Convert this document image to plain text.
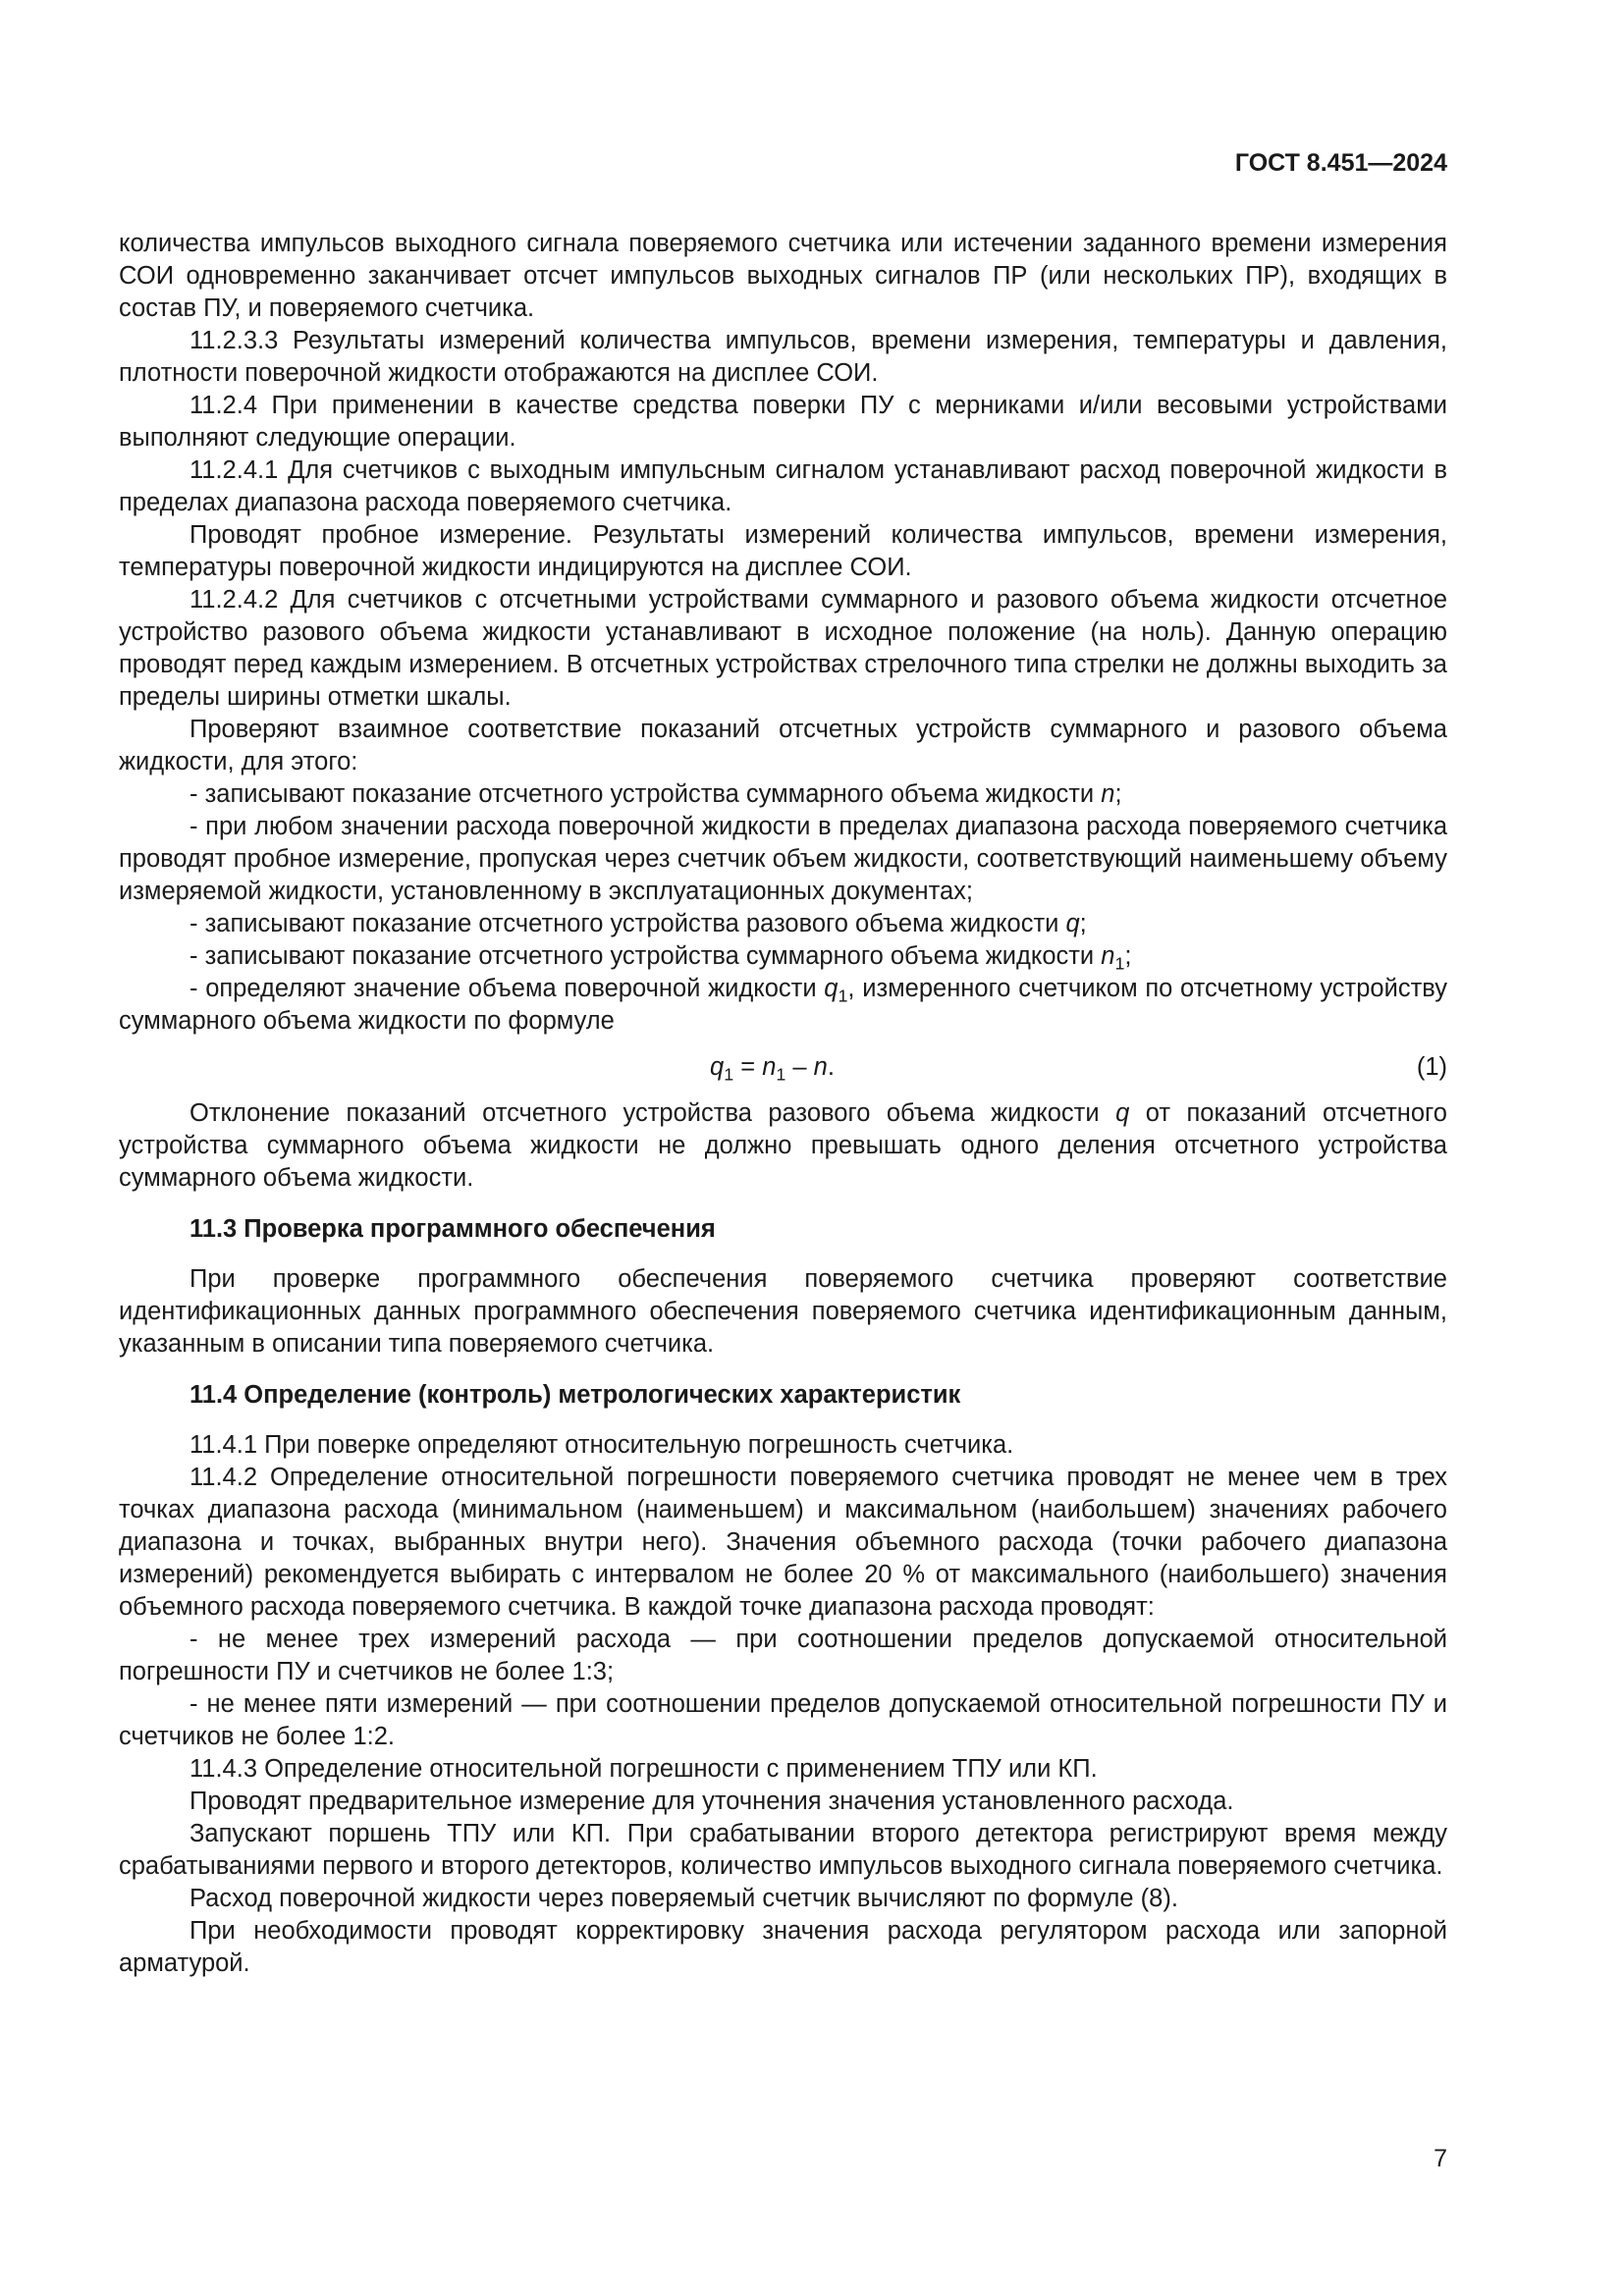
ГОСТ 8.451—2024

количества импульсов выходного сигнала поверяемого счетчика или истечении заданного времени измерения СОИ одновременно заканчивает отсчет импульсов выходных сигналов ПР (или нескольких ПР), входящих в состав ПУ, и поверяемого счетчика.

11.2.3.3 Результаты измерений количества импульсов, времени измерения, температуры и давления, плотности поверочной жидкости отображаются на дисплее СОИ.

11.2.4 При применении в качестве средства поверки ПУ с мерниками и/или весовыми устройствами выполняют следующие операции.

11.2.4.1 Для счетчиков с выходным импульсным сигналом устанавливают расход поверочной жидкости в пределах диапазона расхода поверяемого счетчика.

Проводят пробное измерение. Результаты измерений количества импульсов, времени измерения, температуры поверочной жидкости индицируются на дисплее СОИ.

11.2.4.2 Для счетчиков с отсчетными устройствами суммарного и разового объема жидкости отсчетное устройство разового объема жидкости устанавливают в исходное положение (на ноль). Данную операцию проводят перед каждым измерением. В отсчетных устройствах стрелочного типа стрелки не должны выходить за пределы ширины отметки шкалы.

Проверяют взаимное соответствие показаний отсчетных устройств суммарного и разового объема жидкости, для этого:

- записывают показание отсчетного устройства суммарного объема жидкости n;

- при любом значении расхода поверочной жидкости в пределах диапазона расхода поверяемого счетчика проводят пробное измерение, пропуская через счетчик объем жидкости, соответствующий наименьшему объему измеряемой жидкости, установленному в эксплуатационных документах;

- записывают показание отсчетного устройства разового объема жидкости q;

- записывают показание отсчетного устройства суммарного объема жидкости $n_1$;

- определяют значение объема поверочной жидкости $q_1$, измеренного счетчиком по отсчетному устройству суммарного объема жидкости по формуле

$q_1 = n_1 - n$.	(1)

Отклонение показаний отсчетного устройства разового объема жидкости q от показаний отсчетного устройства суммарного объема жидкости не должно превышать одного деления отсчетного устройства суммарного объема жидкости.

11.3 Проверка программного обеспечения

При проверке программного обеспечения поверяемого счетчика проверяют соответствие идентификационных данных программного обеспечения поверяемого счетчика идентификационным данным, указанным в описании типа поверяемого счетчика.

11.4 Определение (контроль) метрологических характеристик

11.4.1 При поверке определяют относительную погрешность счетчика.

11.4.2 Определение относительной погрешности поверяемого счетчика проводят не менее чем в трех точках диапазона расхода (минимальном (наименьшем) и максимальном (наибольшем) значениях рабочего диапазона и точках, выбранных внутри него). Значения объемного расхода (точки рабочего диапазона измерений) рекомендуется выбирать с интервалом не более 20 % от максимального (наибольшего) значения объемного расхода поверяемого счетчика. В каждой точке диапазона расхода проводят:

- не менее трех измерений расхода — при соотношении пределов допускаемой относительной погрешности ПУ и счетчиков не более 1:3;

- не менее пяти измерений — при соотношении пределов допускаемой относительной погрешности ПУ и счетчиков не более 1:2.

11.4.3 Определение относительной погрешности с применением ТПУ или КП.

Проводят предварительное измерение для уточнения значения установленного расхода.

Запускают поршень ТПУ или КП. При срабатывании второго детектора регистрируют время между срабатываниями первого и второго детекторов, количество импульсов выходного сигнала поверяемого счетчика.

Расход поверочной жидкости через поверяемый счетчик вычисляют по формуле (8).

При необходимости проводят корректировку значения расхода регулятором расхода или запорной арматурой.

7
